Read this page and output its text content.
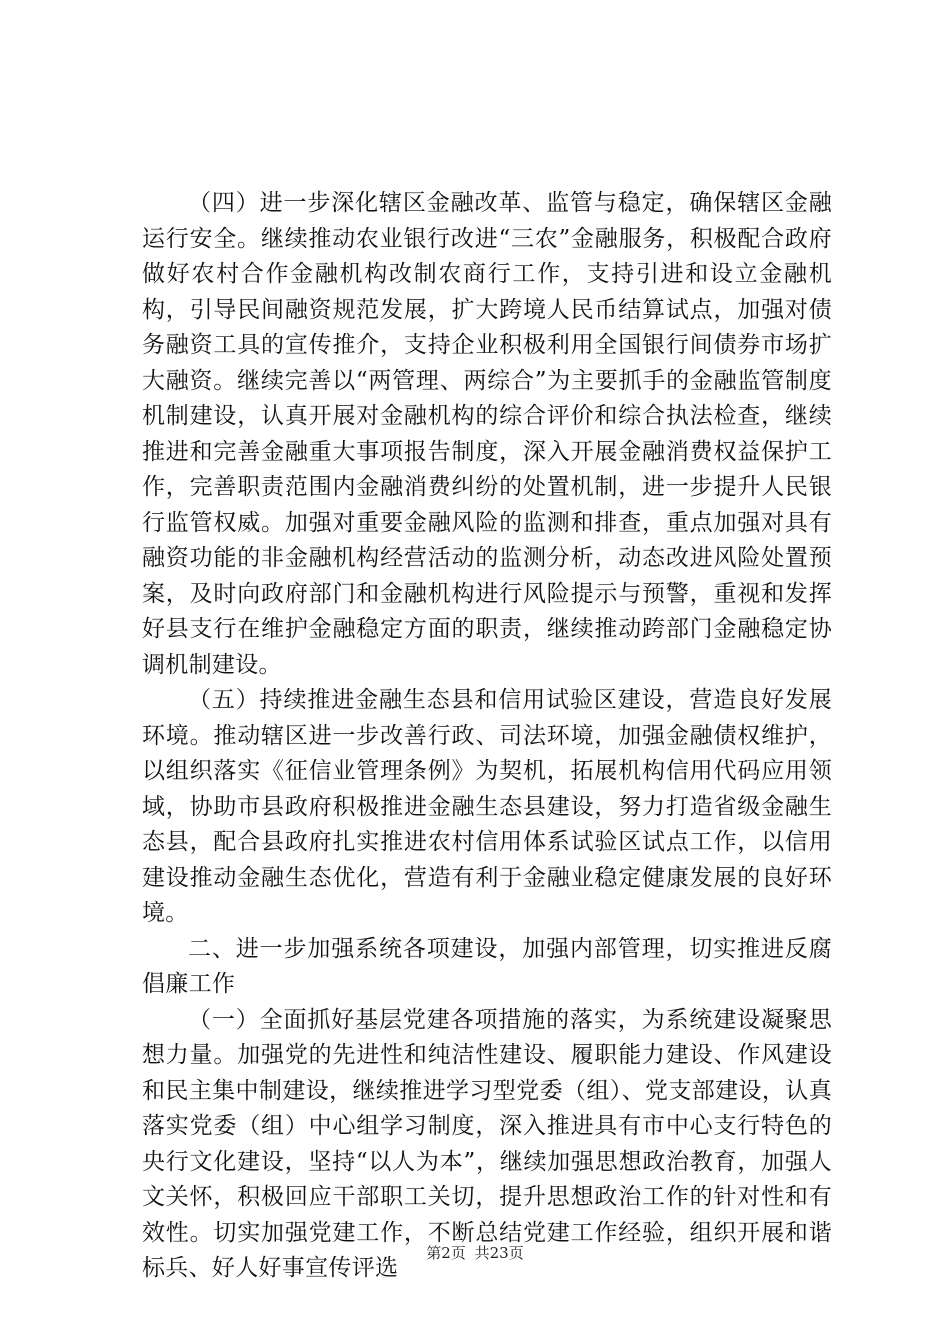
（四）进一步深化辖区金融改革、监管与稳定，确保辖区金融运行安全。继续推动农业银行改进“三农”金融服务，积极配合政府做好农村合作金融机构改制农商行工作，支持引进和设立金融机构，引导民间融资规范发展，扩大跨境人民币结算试点，加强对债务融资工具的宣传推介，支持企业积极利用全国银行间债券市场扩大融资。继续完善以“两管理、两综合”为主要抓手的金融监管制度机制建设，认真开展对金融机构的综合评价和综合执法检查，继续推进和完善金融重大事项报告制度，深入开展金融消费权益保护工作，完善职责范围内金融消费纠纷的处置机制，进一步提升人民银行监管权威。加强对重要金融风险的监测和排查，重点加强对具有融资功能的非金融机构经营活动的监测分析，动态改进风险处置预案，及时向政府部门和金融机构进行风险提示与预警，重视和发挥好县支行在维护金融稳定方面的职责，继续推动跨部门金融稳定协调机制建设。

（五）持续推进金融生态县和信用试验区建设，营造良好发展环境。推动辖区进一步改善行政、司法环境，加强金融债权维护，以组织落实《征信业管理条例》为契机，拓展机构信用代码应用领域，协助市县政府积极推进金融生态县建设，努力打造省级金融生态县，配合县政府扎实推进农村信用体系试验区试点工作，以信用建设推动金融生态优化，营造有利于金融业稳定健康发展的良好环境。

二、进一步加强系统各项建设，加强内部管理，切实推进反腐倡廉工作

（一）全面抓好基层党建各项措施的落实，为系统建设凝聚思想力量。加强党的先进性和纯洁性建设、履职能力建设、作风建设和民主集中制建设，继续推进学习型党委（组）、党支部建设，认真落实党委（组）中心组学习制度，深入推进具有市中心支行特色的央行文化建设，坚持“以人为本”，继续加强思想政治教育，加强人文关怀，积极回应干部职工关切，提升思想政治工作的针对性和有效性。切实加强党建工作，不断总结党建工作经验，组织开展和谐标兵、好人好事宣传评选

第2页 共23页
